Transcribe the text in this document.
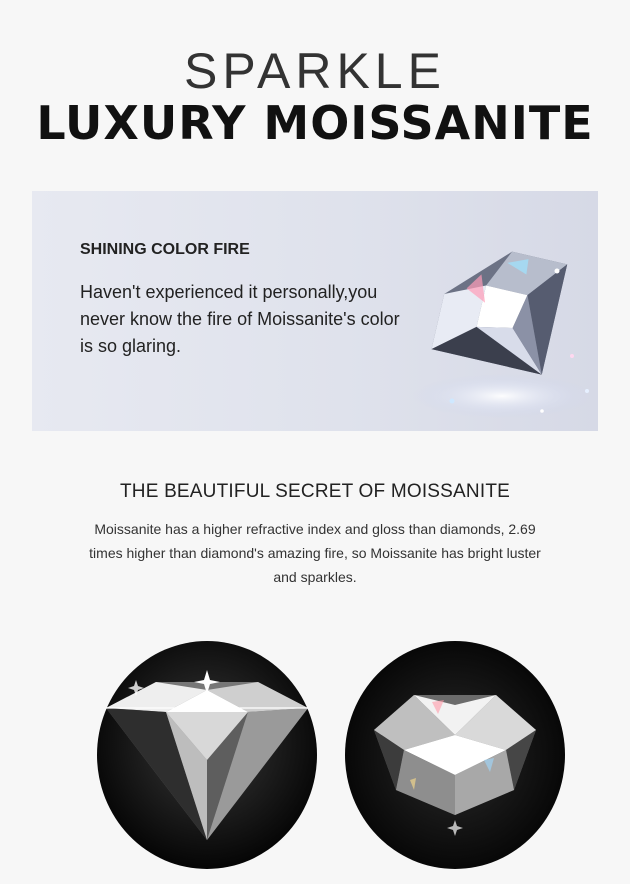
SPARKLE
LUXURY MOISSANITE
SHINING COLOR FIRE
Haven't experienced it personally,you never know the fire of Moissanite's color is so glaring.
THE BEAUTIFUL SECRET OF MOISSANITE
Moissanite has a higher refractive index and gloss than diamonds, 2.69 times higher than diamond's amazing fire, so Moissanite has bright luster and sparkles.
